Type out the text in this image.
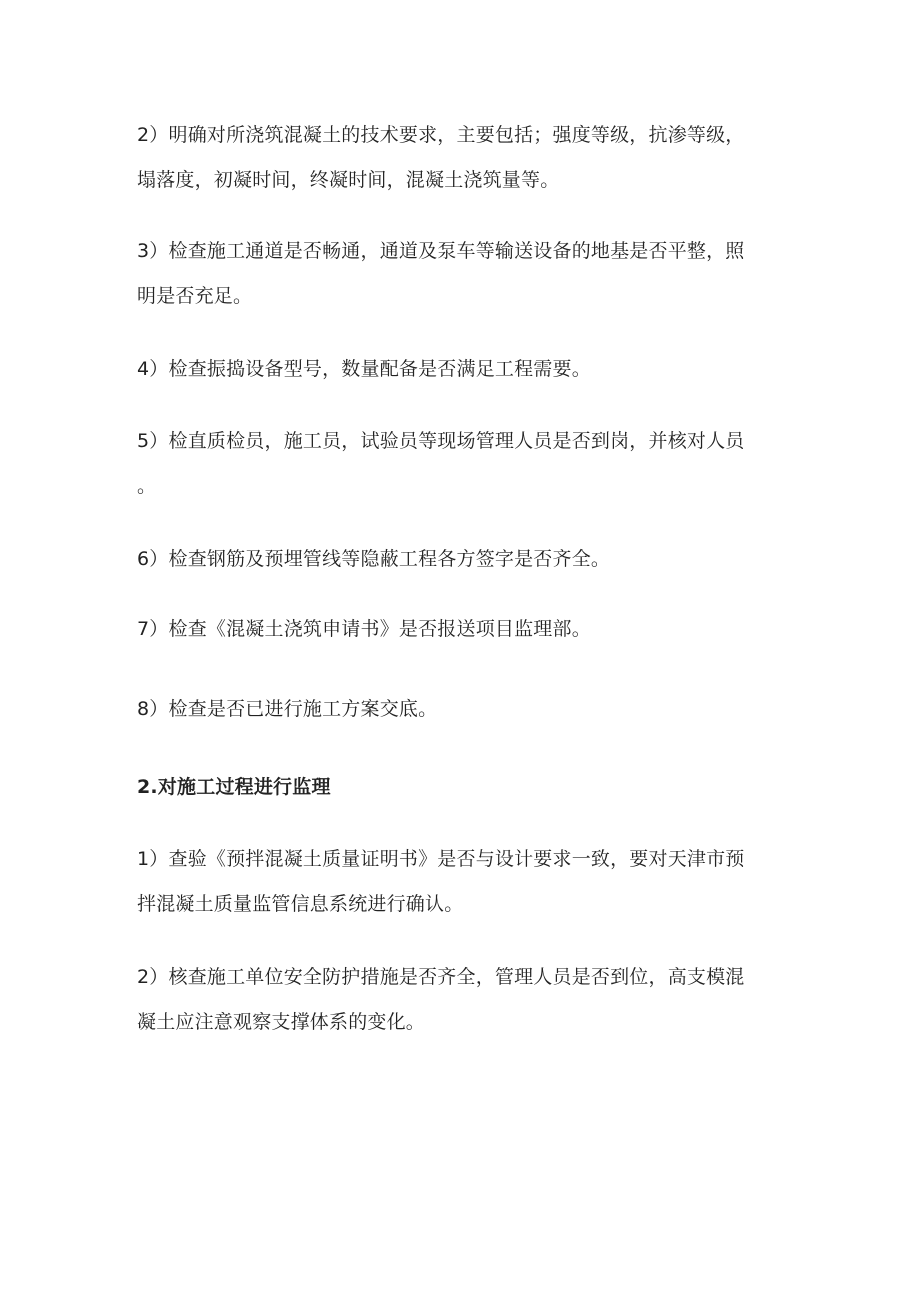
2）明确对所浇筑混凝土的技术要求，主要包括；强度等级，抗渗等级，
塌落度，初凝时间，终凝时间，混凝土浇筑量等。

3）检查施工通道是否畅通，通道及泵车等输送设备的地基是否平整，照
明是否充足。

4）检查振捣设备型号，数量配备是否满足工程需要。

5）检直质检员，施工员，试验员等现场管理人员是否到岗，并核对人员
。

6）检查钢筋及预埋管线等隐蔽工程各方签字是否齐全。

7）检查《混凝土浇筑申请书》是否报送项目监理部。

8）检查是否已进行施工方案交底。

2.对施工过程进行监理

1）查验《预拌混凝土质量证明书》是否与设计要求一致，要对天津市预
拌混凝土质量监管信息系统进行确认。

2）核查施工单位安全防护措施是否齐全，管理人员是否到位，高支模混
凝土应注意观察支撑体系的变化。
